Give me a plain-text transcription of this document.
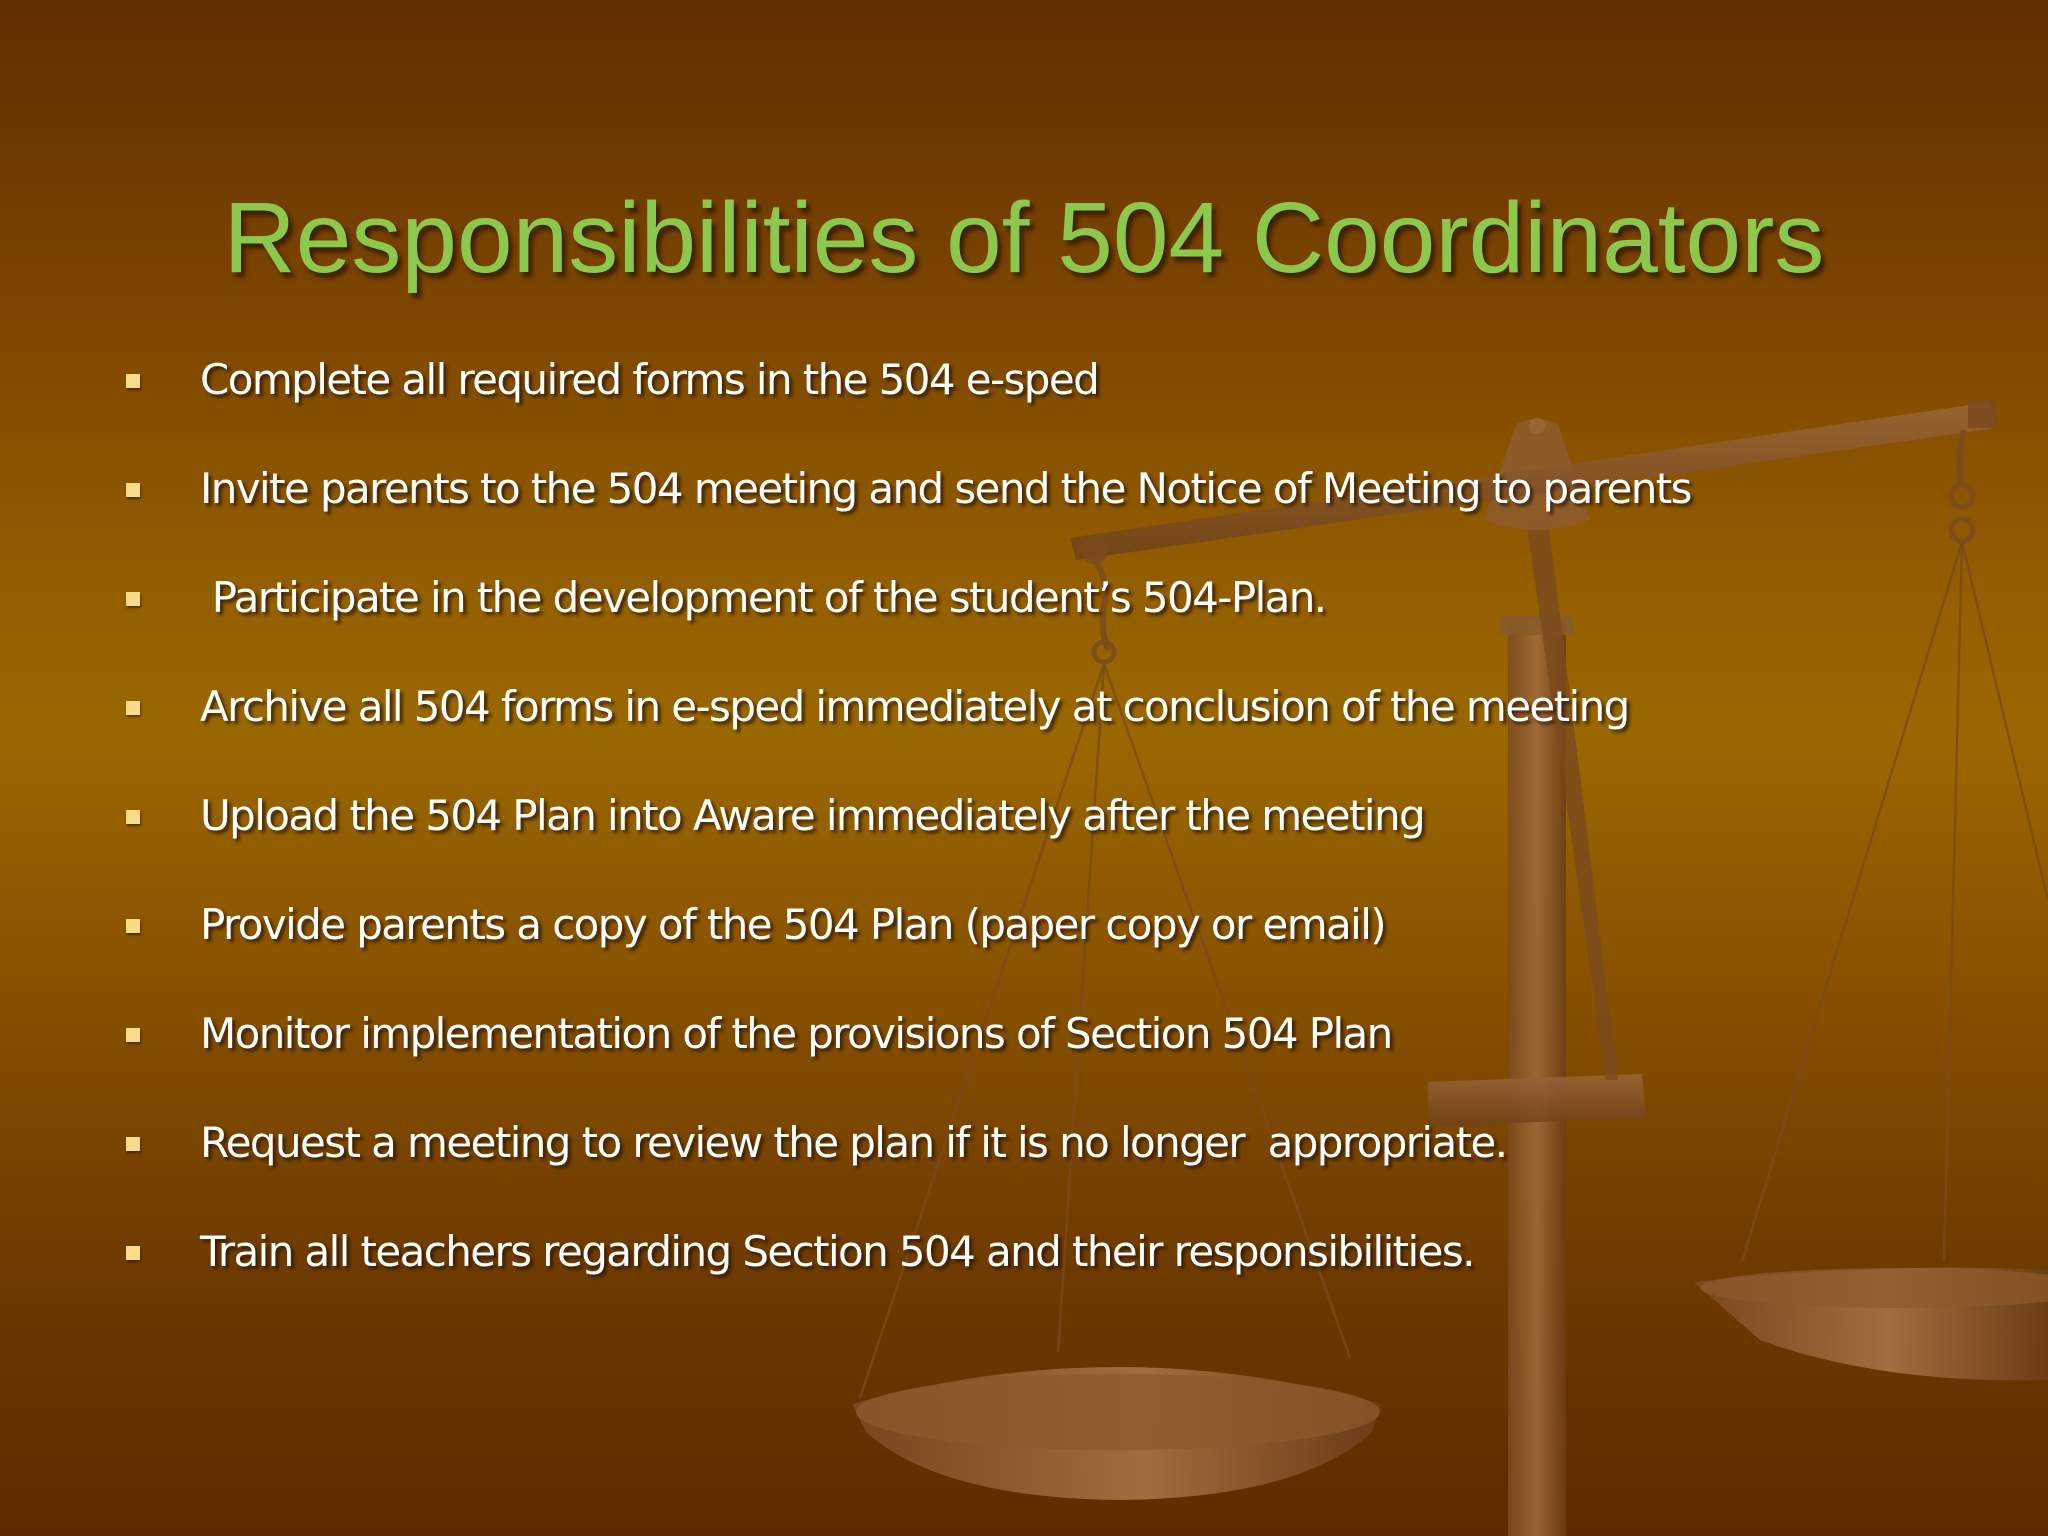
Responsibilities of 504 Coordinators
Complete all required forms in the 504 e-sped
Invite parents to the 504 meeting and send the Notice of Meeting to parents
Participate in the development of the student’s 504-Plan.
Archive all 504 forms in e-sped immediately at conclusion of the meeting
Upload the 504 Plan into Aware immediately after the meeting
Provide parents a copy of the 504 Plan (paper copy or email)
Monitor implementation of the provisions of Section 504 Plan
Request a meeting to review the plan if it is no longer  appropriate.
Train all teachers regarding Section 504 and their responsibilities.
